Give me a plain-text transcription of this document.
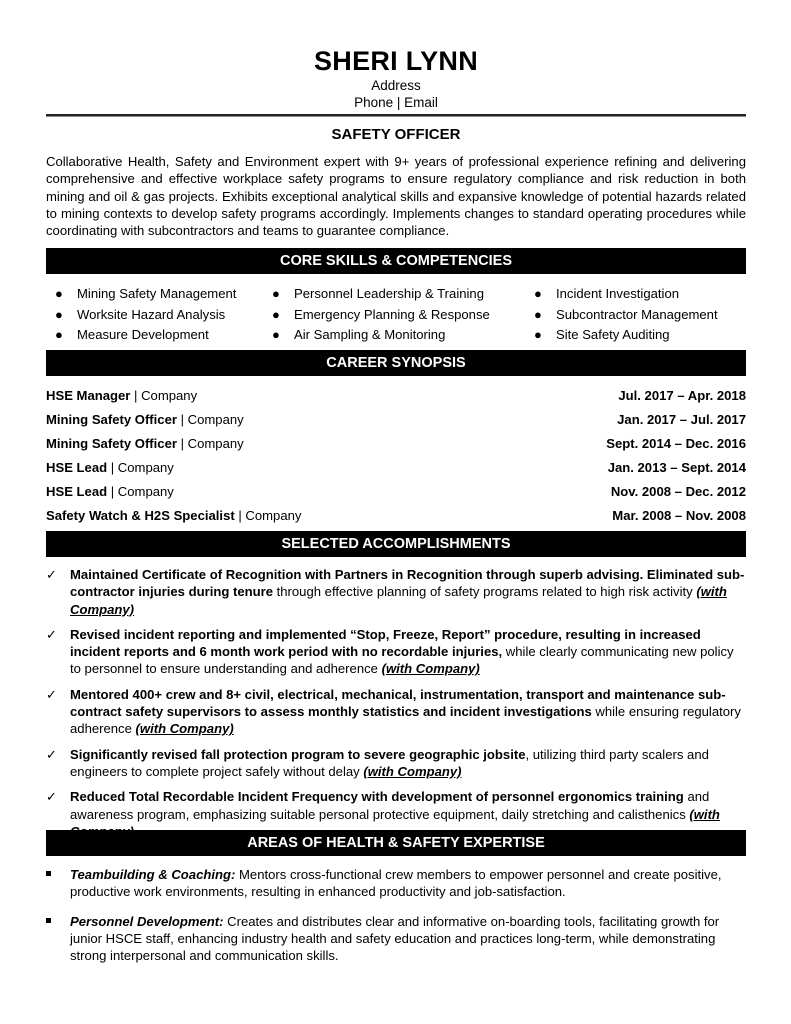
SHERI LYNN
Address
Phone | Email
SAFETY OFFICER
Collaborative Health, Safety and Environment expert with 9+ years of professional experience refining and delivering comprehensive and effective workplace safety programs to ensure regulatory compliance and risk reduction in both mining and oil & gas projects. Exhibits exceptional analytical skills and expansive knowledge of potential hazards related to mining contexts to develop safety programs accordingly. Implements changes to standard operating procedures while coordinating with subcontractors and teams to guarantee compliance.
CORE SKILLS & COMPETENCIES
● Mining Safety Management
● Worksite Hazard Analysis
● Measure Development
● Personnel Leadership & Training
● Emergency Planning & Response
● Air Sampling & Monitoring
● Incident Investigation
● Subcontractor Management
● Site Safety Auditing
CAREER SYNOPSIS
HSE Manager | Company	Jul. 2017 – Apr. 2018
Mining Safety Officer | Company	Jan. 2017 – Jul. 2017
Mining Safety Officer | Company	Sept. 2014 – Dec. 2016
HSE Lead | Company	Jan. 2013 – Sept. 2014
HSE Lead | Company	Nov. 2008 – Dec. 2012
Safety Watch & H2S Specialist | Company	Mar. 2008 – Nov. 2008
SELECTED ACCOMPLISHMENTS
✓ Maintained Certificate of Recognition with Partners in Recognition through superb advising. Eliminated sub-contractor injuries during tenure through effective planning of safety programs related to high risk activity (with Company)
✓ Revised incident reporting and implemented “Stop, Freeze, Report” procedure, resulting in increased incident reports and 6 month work period with no recordable injuries, while clearly communicating new policy to personnel to ensure understanding and adherence (with Company)
✓ Mentored 400+ crew and 8+ civil, electrical, mechanical, instrumentation, transport and maintenance sub-contract safety supervisors to assess monthly statistics and incident investigations while ensuring regulatory adherence (with Company)
✓ Significantly revised fall protection program to severe geographic jobsite, utilizing third party scalers and engineers to complete project safely without delay (with Company)
✓ Reduced Total Recordable Incident Frequency with development of personnel ergonomics training and awareness program, emphasizing suitable personal protective equipment, daily stretching and calisthenics (with
AREAS OF HEALTH & SAFETY EXPERTISE
Teambuilding & Coaching: Mentors cross-functional crew members to empower personnel and create positive, productive work environments, resulting in enhanced productivity and job-satisfaction.
Personnel Development: Creates and distributes clear and informative on-boarding tools, facilitating growth for junior HSCE staff, enhancing industry health and safety education and practices long-term, while demonstrating strong interpersonal and communication skills.
